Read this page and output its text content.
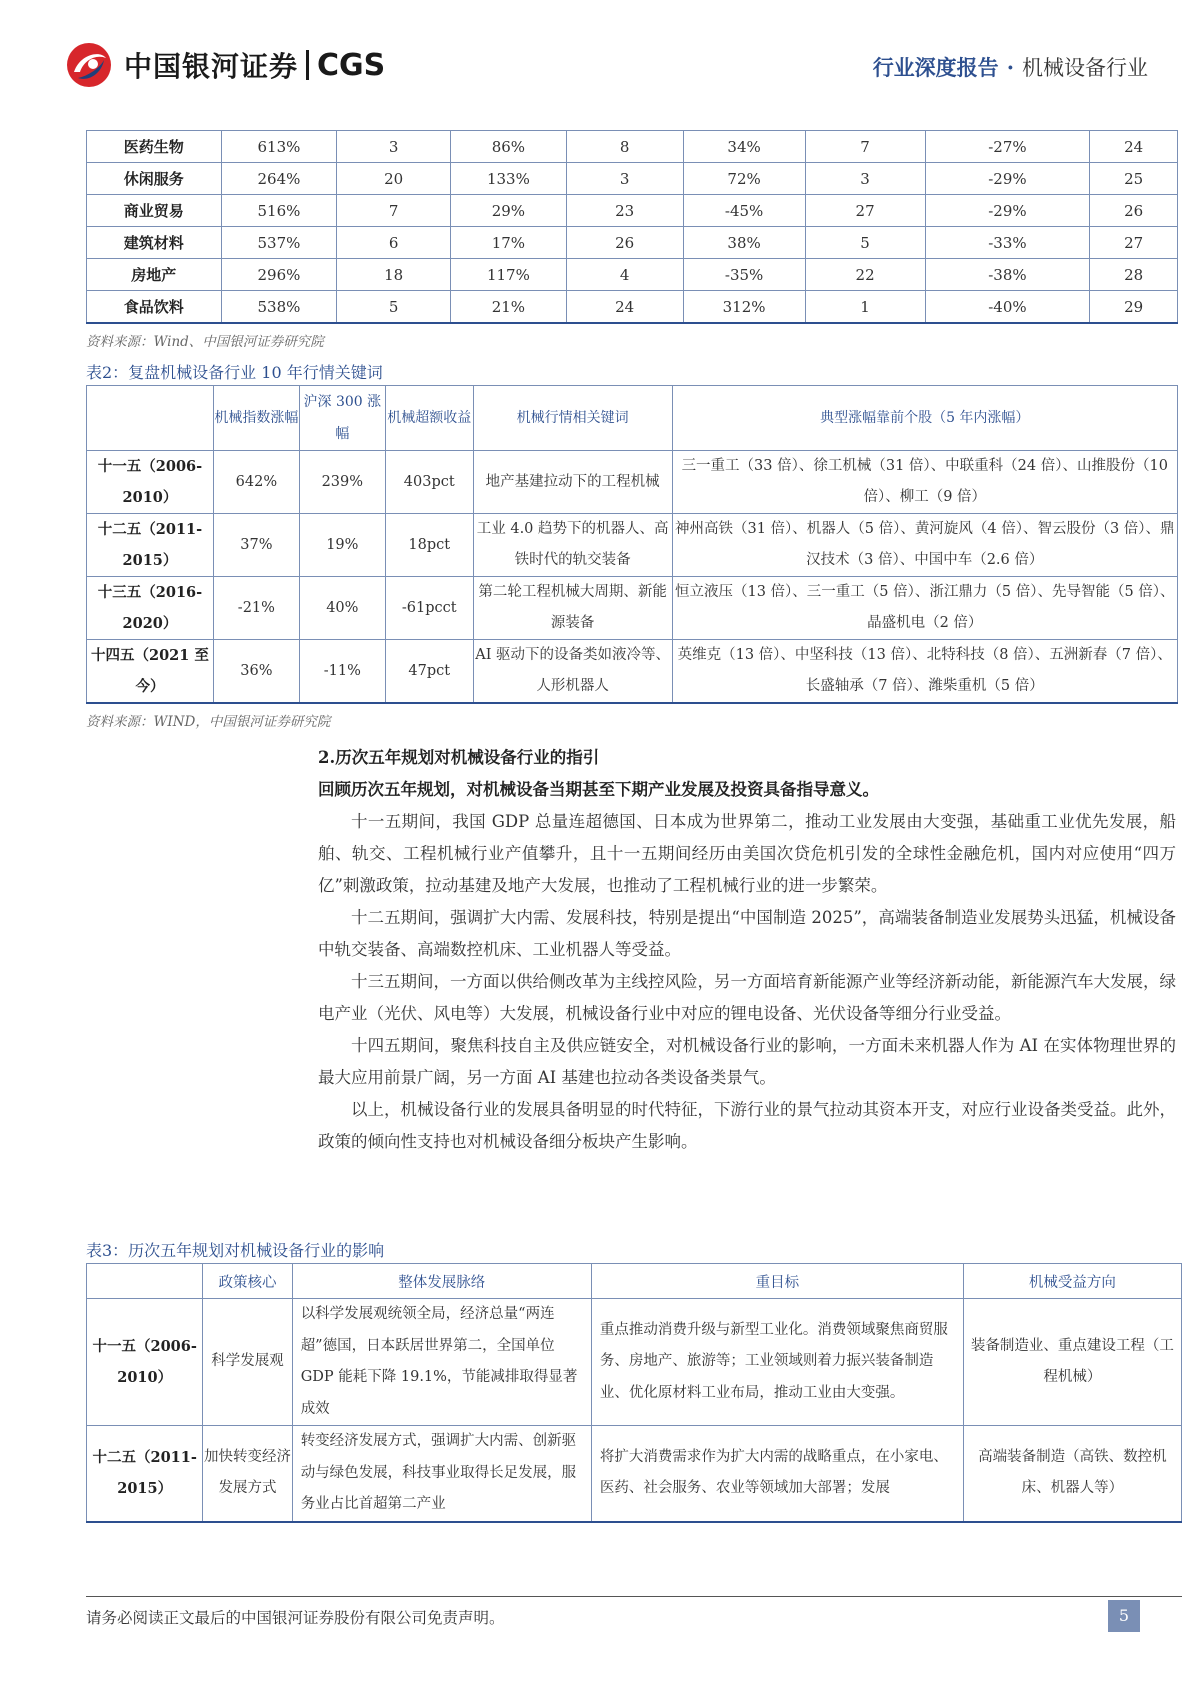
中国银河证券 CGS	行业深度报告 · 机械设备行业
医药生物	613%	3	86%	8	34%	7	-27%	24
休闲服务	264%	20	133%	3	72%	3	-29%	25
商业贸易	516%	7	29%	23	-45%	27	-29%	26
建筑材料	537%	6	17%	26	38%	5	-33%	27
房地产	296%	18	117%	4	-35%	22	-38%	28
食品饮料	538%	5	21%	24	312%	1	-40%	29
资料来源：Wind、中国银河证券研究院
表2：复盘机械设备行业 10 年行情关键词
	机械指数涨幅	沪深 300 涨幅	机械超额收益	机械行情相关键词	典型涨幅靠前个股（5 年内涨幅）
十一五（2006-2010）	642%	239%	403pct	地产基建拉动下的工程机械	三一重工（33 倍）、徐工机械（31 倍）、中联重科（24 倍）、山推股份（10 倍）、柳工（9 倍）
十二五（2011-2015）	37%	19%	18pct	工业 4.0 趋势下的机器人、高铁时代的轨交装备	神州高铁（31 倍）、机器人（5 倍）、黄河旋风（4 倍）、智云股份（3 倍）、鼎汉技术（3 倍）、中国中车（2.6 倍）
十三五（2016-2020）	-21%	40%	-61pcct	第二轮工程机械大周期、新能源装备	恒立液压（13 倍）、三一重工（5 倍）、浙江鼎力（5 倍）、先导智能（5 倍）、晶盛机电（2 倍）
十四五（2021 至今）	36%	-11%	47pct	AI 驱动下的设备类如液冷等、人形机器人	英维克（13 倍）、中坚科技（13 倍）、北特科技（8 倍）、五洲新春（7 倍）、长盛轴承（7 倍）、潍柴重机（5 倍）
资料来源：WIND，中国银河证券研究院
2.历次五年规划对机械设备行业的指引
回顾历次五年规划，对机械设备当期甚至下期产业发展及投资具备指导意义。

十一五期间，我国 GDP 总量连超德国、日本成为世界第二，推动工业发展由大变强，基础重工业优先发展，船舶、轨交、工程机械行业产值攀升，且十一五期间经历由美国次贷危机引发的全球性金融危机，国内对应使用“四万亿”刺激政策，拉动基建及地产大发展，也推动了工程机械行业的进一步繁荣。

十二五期间，强调扩大内需、发展科技，特别是提出“中国制造 2025”，高端装备制造业发展势头迅猛，机械设备中轨交装备、高端数控机床、工业机器人等受益。

十三五期间，一方面以供给侧改革为主线控风险，另一方面培育新能源产业等经济新动能，新能源汽车大发展，绿电产业（光伏、风电等）大发展，机械设备行业中对应的锂电设备、光伏设备等细分行业受益。

十四五期间，聚焦科技自主及供应链安全，对机械设备行业的影响，一方面未来机器人作为 AI 在实体物理世界的最大应用前景广阔，另一方面 AI 基建也拉动各类设备类景气。

以上，机械设备行业的发展具备明显的时代特征，下游行业的景气拉动其资本开支，对应行业设备类受益。此外，政策的倾向性支持也对机械设备细分板块产生影响。

表3：历次五年规划对机械设备行业的影响
	政策核心	整体发展脉络	重目标	机械受益方向
十一五（2006-2010）	科学发展观	以科学发展观统领全局，经济总量“两连超”德国，日本跃居世界第二，全国单位 GDP 能耗下降 19.1%，节能减排取得显著成效	重点推动消费升级与新型工业化。消费领域聚焦商贸服务、房地产、旅游等；工业领域则着力振兴装备制造业、优化原材料工业布局，推动工业由大变强。	装备制造业、重点建设工程（工程机械）
十二五（2011-2015）	加快转变经济发展方式	转变经济发展方式，强调扩大内需、创新驱动与绿色发展，科技事业取得长足发展，服务业占比首超第二产业	将扩大消费需求作为扩大内需的战略重点，在小家电、医药、社会服务、农业等领域加大部署；发展	高端装备制造（高铁、数控机床、机器人等）
请务必阅读正文最后的中国银河证券股份有限公司免责声明。	5
